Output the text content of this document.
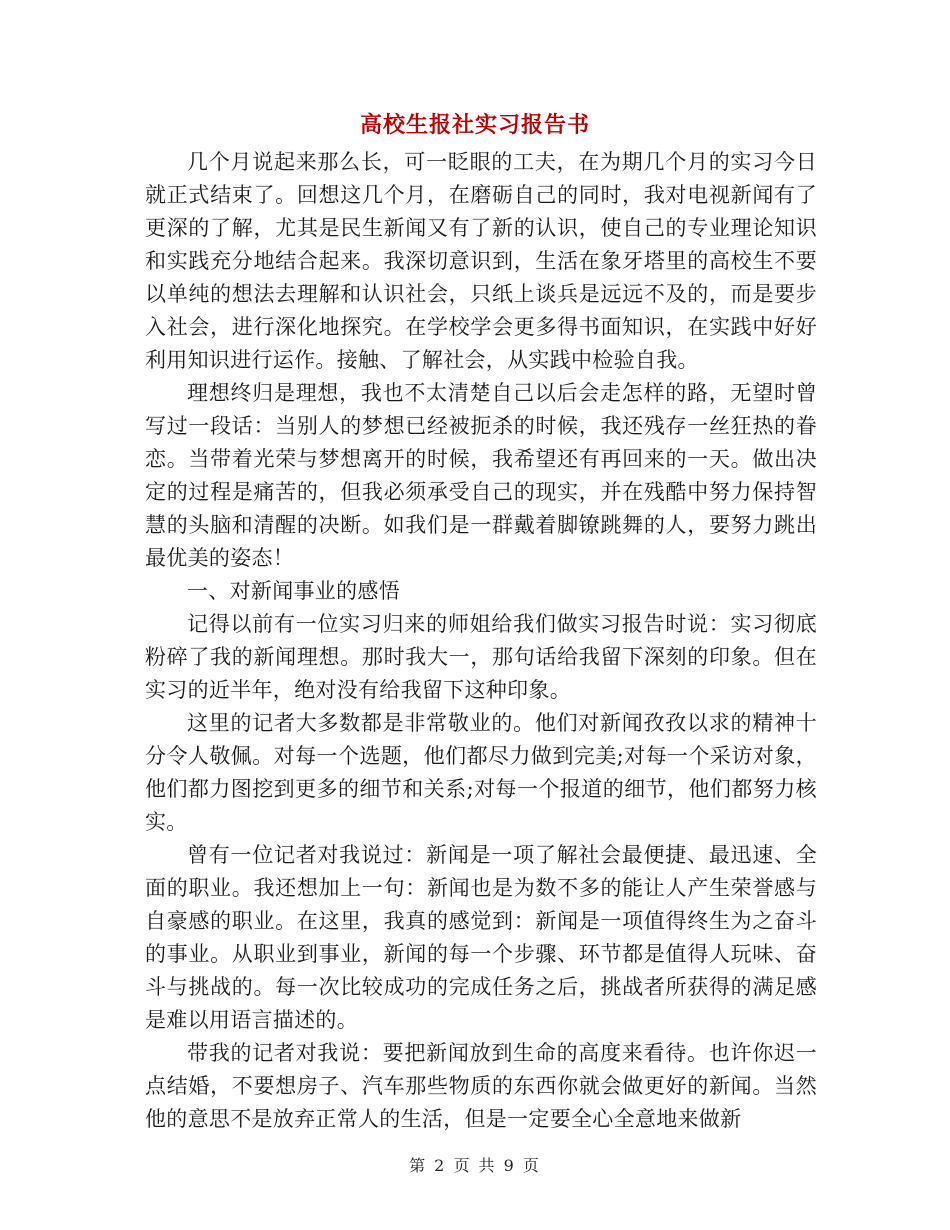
高校生报社实习报告书

几个月说起来那么长，可一眨眼的工夫，在为期几个月的实习今日就正式结束了。回想这几个月，在磨砺自己的同时，我对电视新闻有了更深的了解，尤其是民生新闻又有了新的认识，使自己的专业理论知识和实践充分地结合起来。我深切意识到，生活在象牙塔里的高校生不要以单纯的想法去理解和认识社会，只纸上谈兵是远远不及的，而是要步入社会，进行深化地探究。在学校学会更多得书面知识，在实践中好好利用知识进行运作。接触、了解社会，从实践中检验自我。

理想终归是理想，我也不太清楚自己以后会走怎样的路，无望时曾写过一段话：当别人的梦想已经被扼杀的时候，我还残存一丝狂热的眷恋。当带着光荣与梦想离开的时候，我希望还有再回来的一天。做出决定的过程是痛苦的，但我必须承受自己的现实，并在残酷中努力保持智慧的头脑和清醒的决断。如我们是一群戴着脚镣跳舞的人，要努力跳出最优美的姿态！

一、对新闻事业的感悟

记得以前有一位实习归来的师姐给我们做实习报告时说：实习彻底粉碎了我的新闻理想。那时我大一，那句话给我留下深刻的印象。但在实习的近半年，绝对没有给我留下这种印象。

这里的记者大多数都是非常敬业的。他们对新闻孜孜以求的精神十分令人敬佩。对每一个选题，他们都尽力做到完美;对每一个采访对象，他们都力图挖到更多的细节和关系;对每一个报道的细节，他们都努力核实。

曾有一位记者对我说过：新闻是一项了解社会最便捷、最迅速、全面的职业。我还想加上一句：新闻也是为数不多的能让人产生荣誉感与自豪感的职业。在这里，我真的感觉到：新闻是一项值得终生为之奋斗的事业。从职业到事业，新闻的每一个步骤、环节都是值得人玩味、奋斗与挑战的。每一次比较成功的完成任务之后，挑战者所获得的满足感是难以用语言描述的。

带我的记者对我说：要把新闻放到生命的高度来看待。也许你迟一点结婚，不要想房子、汽车那些物质的东西你就会做更好的新闻。当然他的意思不是放弃正常人的生活，但是一定要全心全意地来做新

第 2 页 共 9 页
